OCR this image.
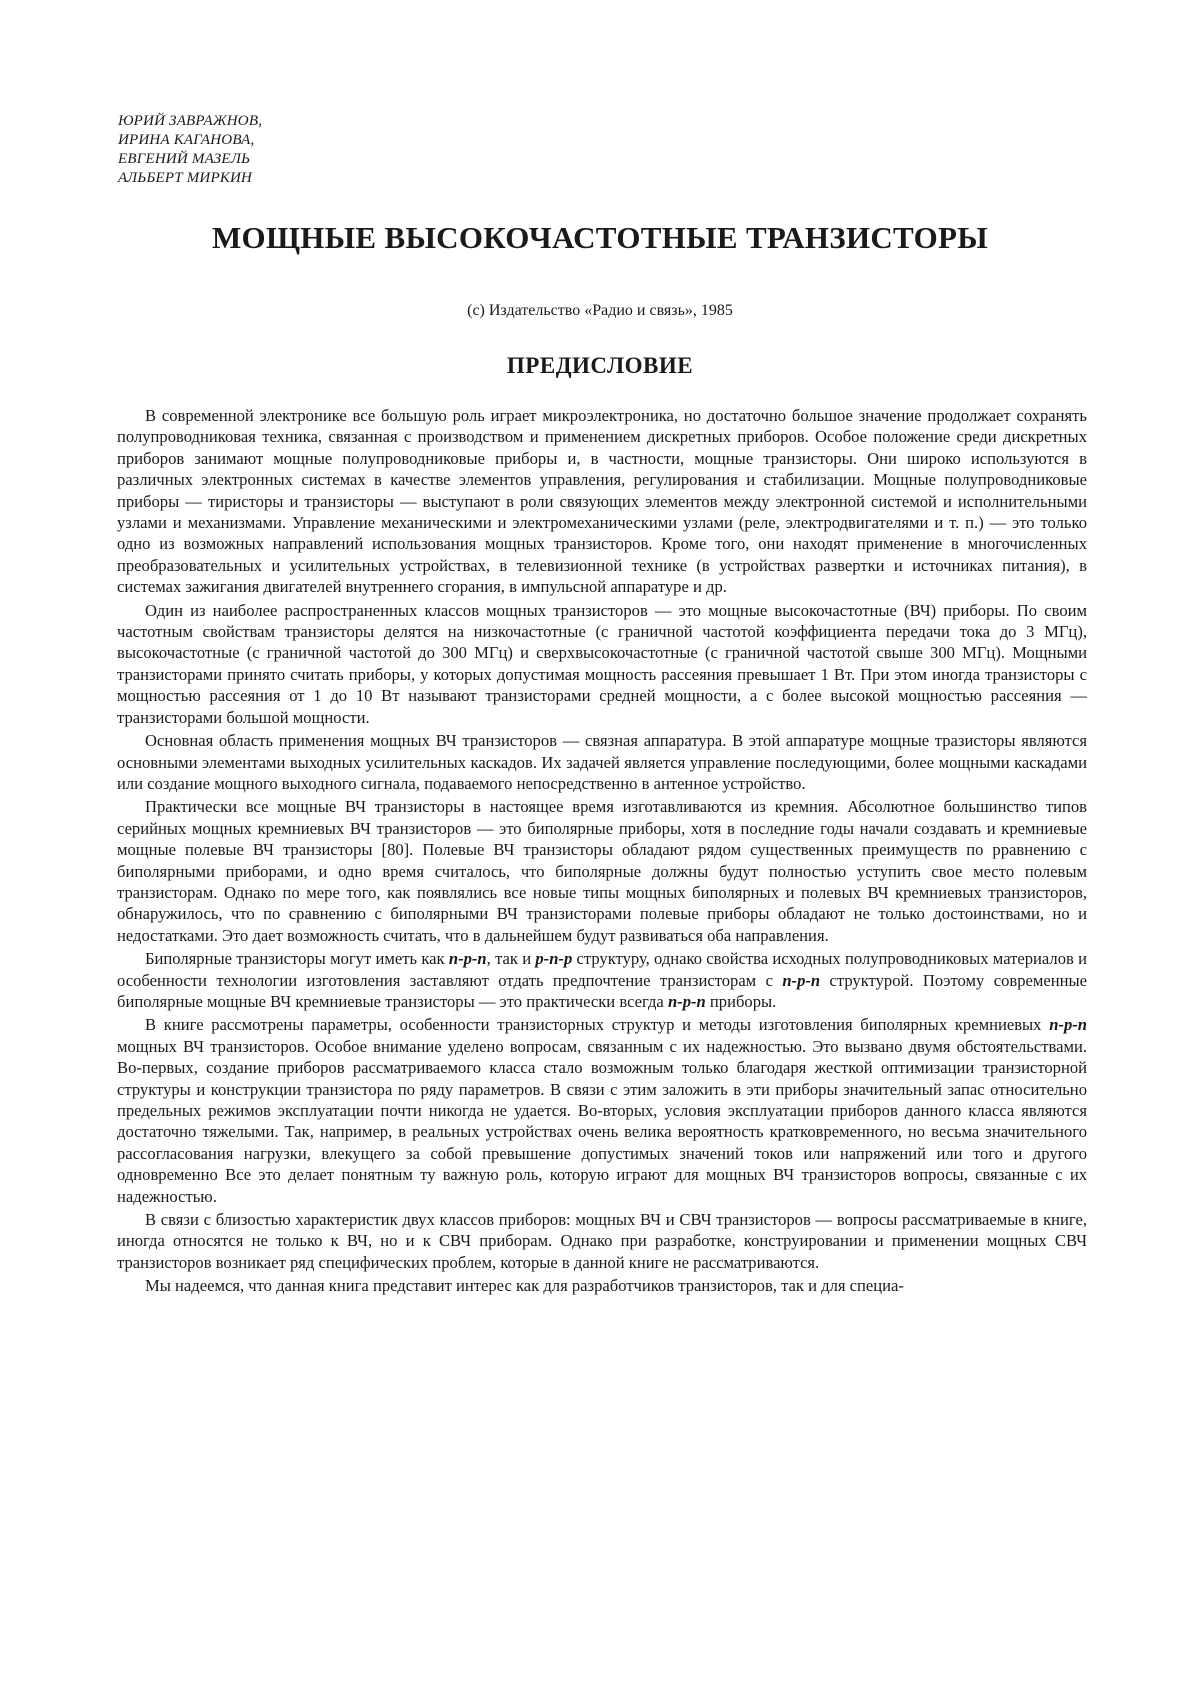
ЮРИЙ ЗАВРАЖНОВ,
ИРИНА КАГАНОВА,
ЕВГЕНИЙ МАЗЕЛЬ
АЛЬБЕРТ МИРКИН
МОЩНЫЕ ВЫСОКОЧАСТОТНЫЕ ТРАНЗИСТОРЫ
(с) Издательство «Радио и связь», 1985
ПРЕДИСЛОВИЕ

В современной электронике все большую роль играет микроэлектроника, но достаточно большое значение продолжает сохранять полупроводниковая техника, связанная с производством и применением дискретных приборов. Особое положение среди дискретных приборов занимают мощные полупроводниковые приборы и, в частности, мощные транзисторы. Они широко используются в различных электронных системах в качестве элементов управления, регулирования и стабилизации. Мощные полупроводниковые приборы — тиристоры и транзисторы — выступают в роли связующих элементов между электронной системой и исполнительными узлами и механизмами. Управление механическими и электромеханическими узлами (реле, электродвигателями и т. п.) — это только одно из возможных направлений использования мощных транзисторов. Кроме того, они находят применение в многочисленных преобразовательных и усилительных устройствах, в телевизионной технике (в устройствах развертки и источниках питания), в системах зажигания двигателей внутреннего сгорания, в импульсной аппаратуре и др.

Один из наиболее распространенных классов мощных транзисторов — это мощные высокочастотные (ВЧ) приборы. По своим частотным свойствам транзисторы делятся на низкочастотные (с граничной частотой коэффициента передачи тока до 3 МГц), высокочастотные (с граничной частотой до 300 МГц) и сверхвысокочастотные (с граничной частотой свыше 300 МГц). Мощными транзисторами принято считать приборы, у которых допустимая мощность рассеяния превышает 1 Вт. При этом иногда транзисторы с мощностью рассеяния от 1 до 10 Вт называют транзисторами средней мощности, а с более высокой мощностью рассеяния — транзисторами большой мощности.

Основная область применения мощных ВЧ транзисторов — связная аппаратура. В этой аппаратуре мощные трaзисторы являются основными элементами выходных усилительных каскадов. Их задачей является управление последующими, более мощными каскадами или создание мощного выходного сигнала, подаваемого непосредственно в антенное устройство.

Практически все мощные ВЧ транзисторы в настоящее время изготавливаются из кремния. Абсолютное большинство типов серийных мощных кремниевых ВЧ транзисторов — это биполярные приборы, хотя в последние годы начали создавать и кремниевые мощные полевые ВЧ транзисторы [80]. Полевые ВЧ транзисторы обладают рядом существенных преимуществ по рравнению с биполярными приборами, и одно время считалось, что биполярные должны будут полностью уступить свое место полевым транзисторам. Однако по мере того, как появлялись все новые типы мощных биполярных и полевых ВЧ кремниевых транзисторов, обнаружилось, что по сравнению с биполярными ВЧ транзисторами полевые приборы обладают не только достоинствами, но и недостатками. Это дает возможность считать, что в дальнейшем будут развиваться оба направления.

Биполярные транзисторы могут иметь как n-p-n, так и p-n-p структуру, однако свойства исходных полупроводниковых материалов и особенности технологии изготовления заставляют отдать предпочтение транзисторам с n-p-n структурой. Поэтому современные биполярные мощные ВЧ кремниевые транзисторы — это практически всегда n-p-n приборы.

В книге рассмотрены параметры, особенности транзисторных структур и методы изготовления биполярных кремниевых n-p-n мощных ВЧ транзисторов. Особое внимание уделено вопросам, связанным с их надежностью. Это вызвано двумя обстоятельствами. Во-первых, создание приборов рассматриваемого класса стало возможным только благодаря жесткой оптимизации транзисторной структуры и конструкции транзистора по ряду параметров. В связи с этим заложить в эти приборы значительный запас относительно предельных режимов эксплуатации почти никогда не удается. Во-вторых, условия эксплуатации приборов данного класса являются достаточно тяжелыми. Так, например, в реальных устройствах очень велика вероятность кратковременного, но весьма значительного рассогласования нагрузки, влекущего за собой превышение допустимых значений токов или напряжений или того и другого одновременно Все это делает понятным ту важную роль, которую играют для мощных ВЧ транзисторов вопросы, связанные с их надежностью.

В связи с близостью характеристик двух классов приборов: мощных ВЧ и СВЧ транзисторов — вопросы рассматриваемые в книге, иногда относятся не только к ВЧ, но и к СВЧ приборам. Однако при разработке, конструировании и применении мощных СВЧ транзисторов возникает ряд специфических проблем, которые в данной книге не рассматриваются.

Мы надеемся, что данная книга представит интерес как для разработчиков транзисторов, так и для специа-
